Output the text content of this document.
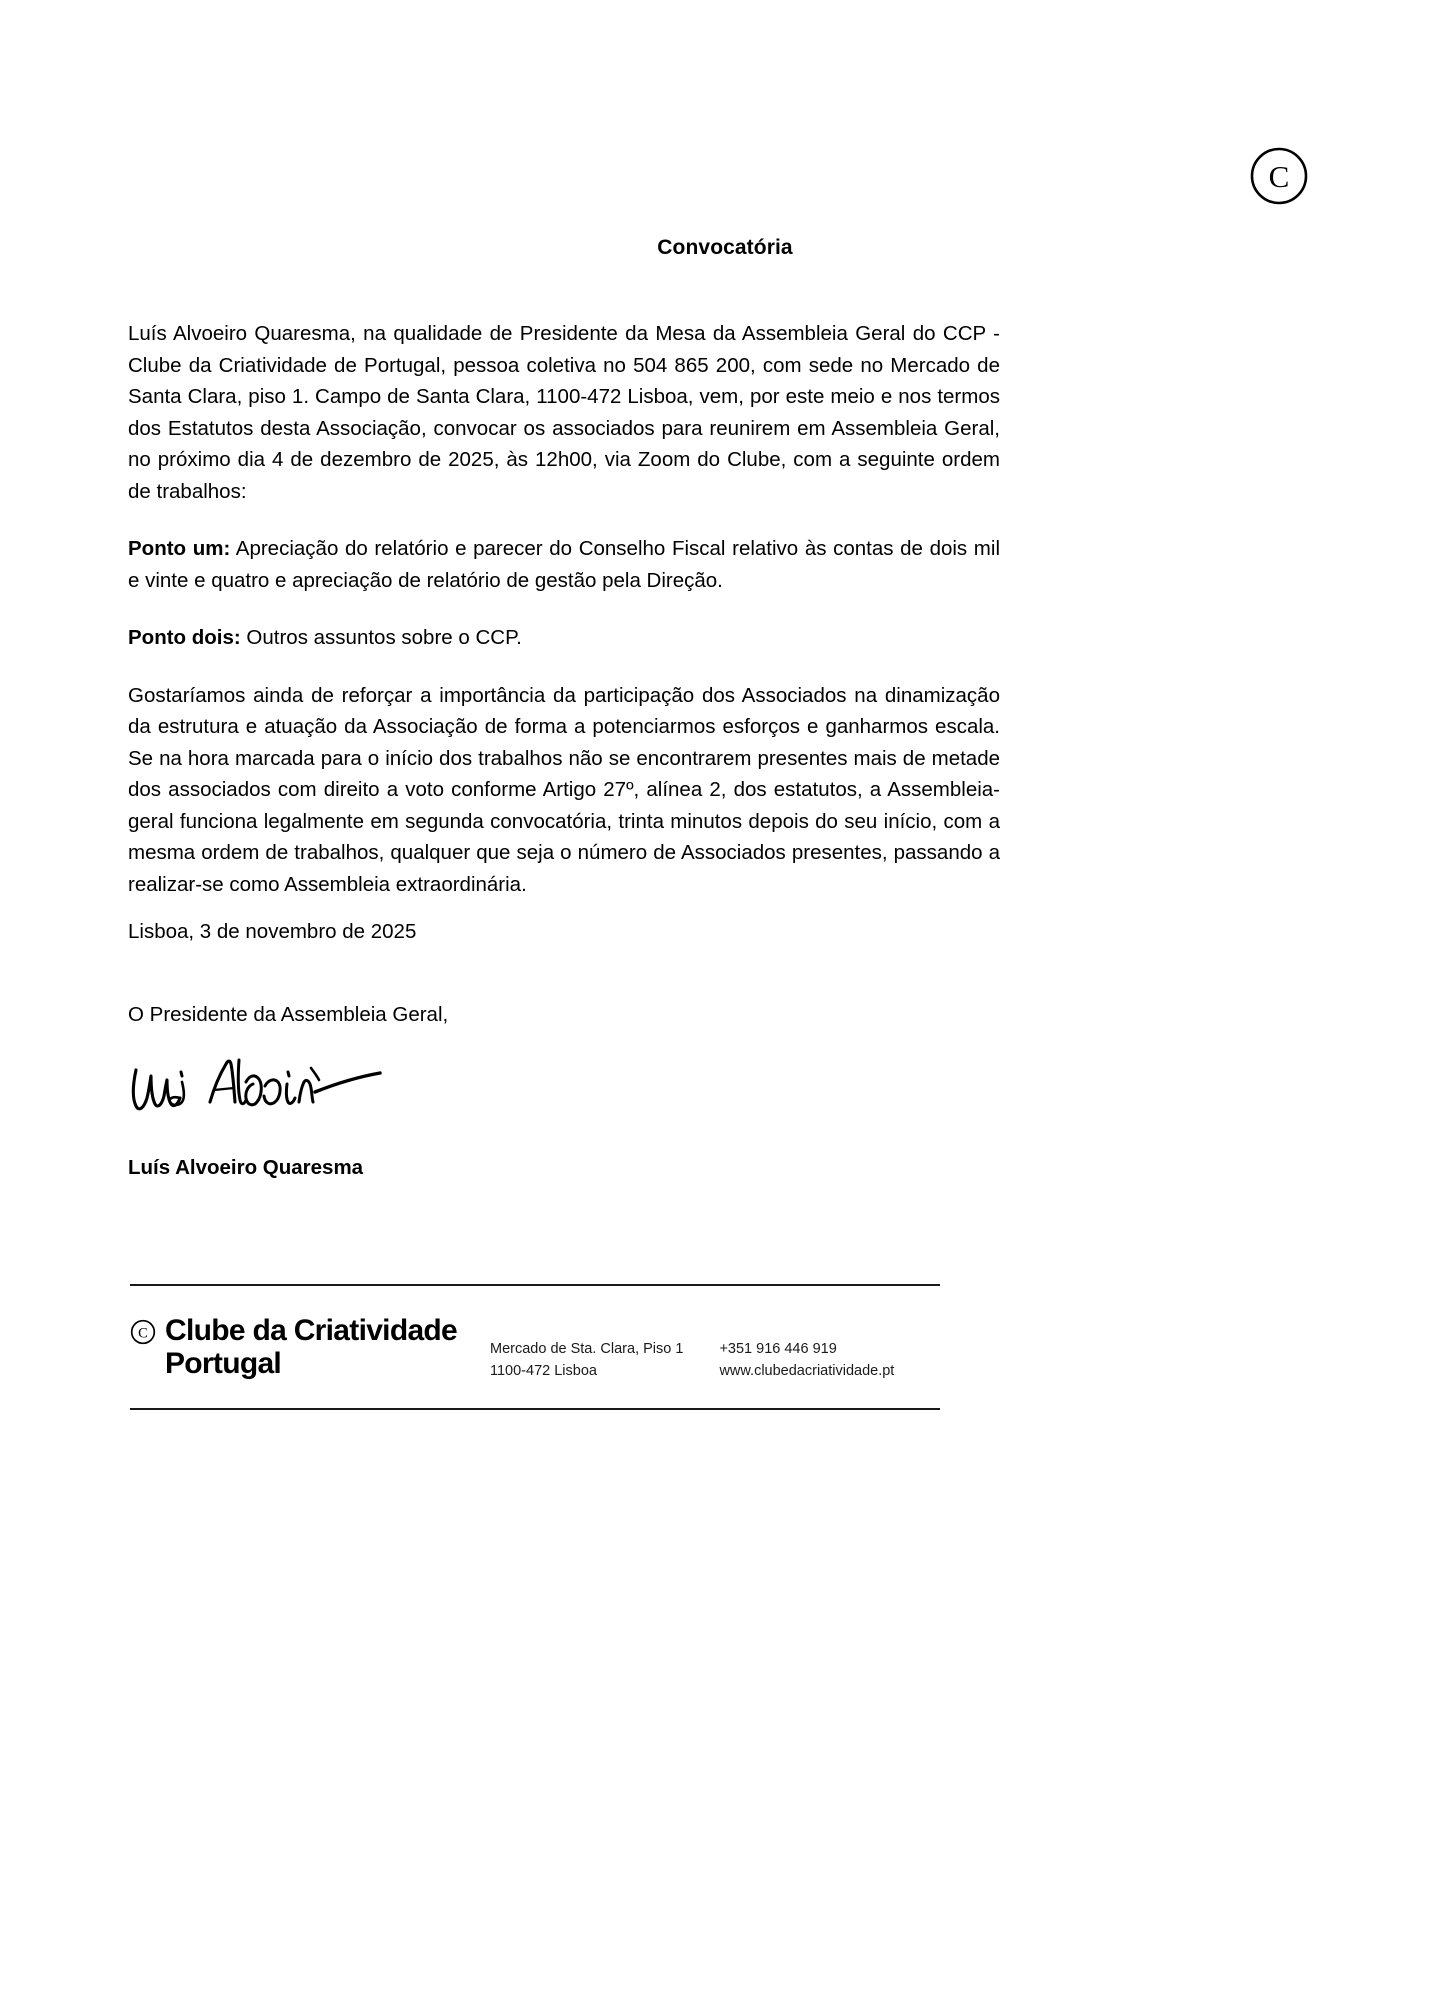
C
Convocatória

Luís Alvoeiro Quaresma, na qualidade de Presidente da Mesa da Assembleia Geral do CCP - Clube da Criatividade de Portugal, pessoa coletiva no 504 865 200, com sede no Mercado de Santa Clara, piso 1. Campo de Santa Clara, 1100-472 Lisboa, vem, por este meio e nos termos dos Estatutos desta Associação, convocar os associados para reunirem em Assembleia Geral, no próximo dia 4 de dezembro de 2025, às 12h00, via Zoom do Clube, com a seguinte ordem de trabalhos:

Ponto um: Apreciação do relatório e parecer do Conselho Fiscal relativo às contas de dois mil e vinte e quatro e apreciação de relatório de gestão pela Direção.

Ponto dois: Outros assuntos sobre o CCP.

Gostaríamos ainda de reforçar a importância da participação dos Associados na dinamização da estrutura e atuação da Associação de forma a potenciarmos esforços e ganharmos escala. Se na hora marcada para o início dos trabalhos não se encontrarem presentes mais de metade dos associados com direito a voto conforme Artigo 27º, alínea 2, dos estatutos, a Assembleia-geral funciona legalmente em segunda convocatória, trinta minutos depois do seu início, com a mesma ordem de trabalhos, qualquer que seja o número de Associados presentes, passando a realizar-se como Assembleia extraordinária.

Lisboa, 3 de novembro de 2025
O Presidente da Assembleia Geral,
Luís Alvoeiro Quaresma
C Clube da Criatividade
Portugal	Mercado de Sta. Clara, Piso 1
1100-472 Lisboa
+351 916 446 919
www.clubedacriatividade.pt
